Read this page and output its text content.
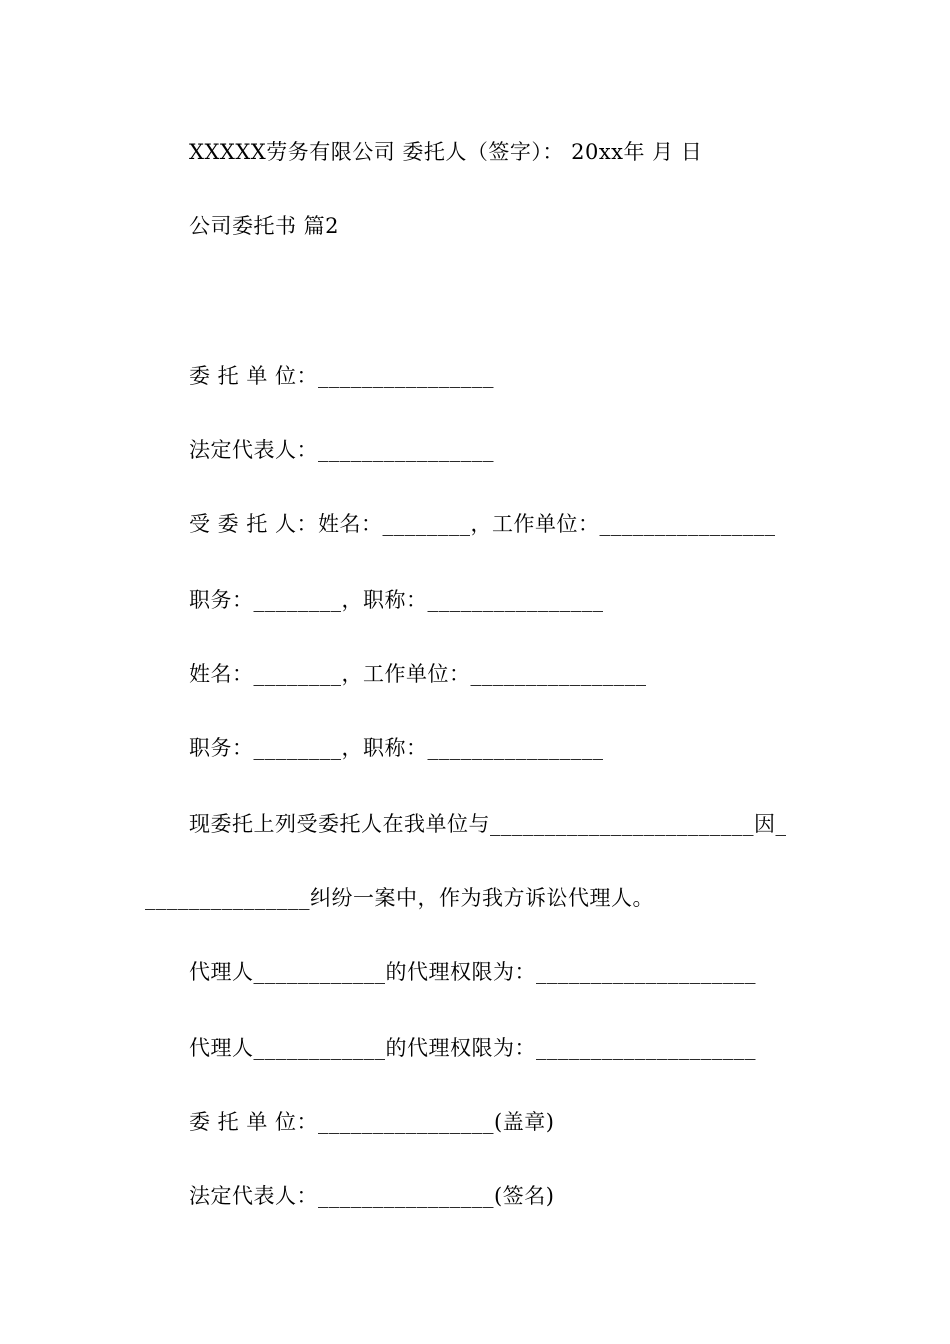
XXXXX劳务有限公司 委托人（签字）： 20xx年 月 日
公司委托书 篇2
委 托 单 位：________________
法定代表人：________________
受 委 托 人：姓名：________，工作单位：________________
职务：________，职称：________________
姓名：________，工作单位：________________
职务：________，职称：________________
现委托上列受委托人在我单位与________________________因_
_______________纠纷一案中，作为我方诉讼代理人。
代理人____________的代理权限为：____________________
代理人____________的代理权限为：____________________
委 托 单 位：________________(盖章)
法定代表人：________________(签名)
